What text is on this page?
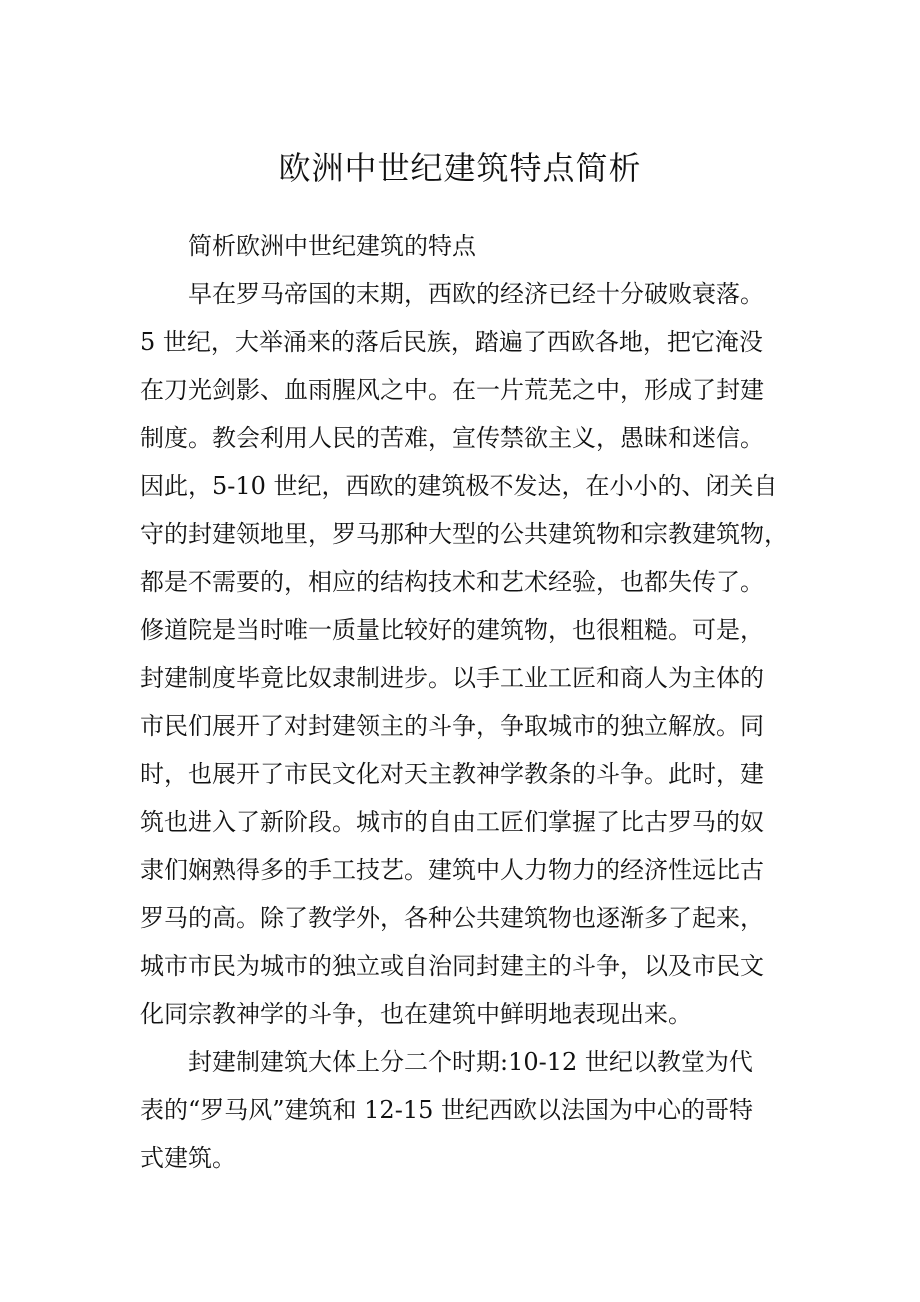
欧洲中世纪建筑特点简析

简析欧洲中世纪建筑的特点

早在罗马帝国的末期，西欧的经济已经十分破败衰落。

5 世纪，大举涌来的落后民族，踏遍了西欧各地，把它淹没

在刀光剑影、血雨腥风之中。在一片荒芜之中，形成了封建

制度。教会利用人民的苦难，宣传禁欲主义，愚昧和迷信。

因此，5-10 世纪，西欧的建筑极不发达，在小小的、闭关自

守的封建领地里，罗马那种大型的公共建筑物和宗教建筑物，

都是不需要的，相应的结构技术和艺术经验，也都失传了。

修道院是当时唯一质量比较好的建筑物，也很粗糙。可是，

封建制度毕竟比奴隶制进步。以手工业工匠和商人为主体的

市民们展开了对封建领主的斗争，争取城市的独立解放。同

时，也展开了市民文化对天主教神学教条的斗争。此时，建

筑也进入了新阶段。城市的自由工匠们掌握了比古罗马的奴

隶们娴熟得多的手工技艺。建筑中人力物力的经济性远比古

罗马的高。除了教学外，各种公共建筑物也逐渐多了起来，

城市市民为城市的独立或自治同封建主的斗争，以及市民文

化同宗教神学的斗争，也在建筑中鲜明地表现出来。

封建制建筑大体上分二个时期:10-12 世纪以教堂为代

表的“罗马风”建筑和 12-15 世纪西欧以法国为中心的哥特

式建筑。
